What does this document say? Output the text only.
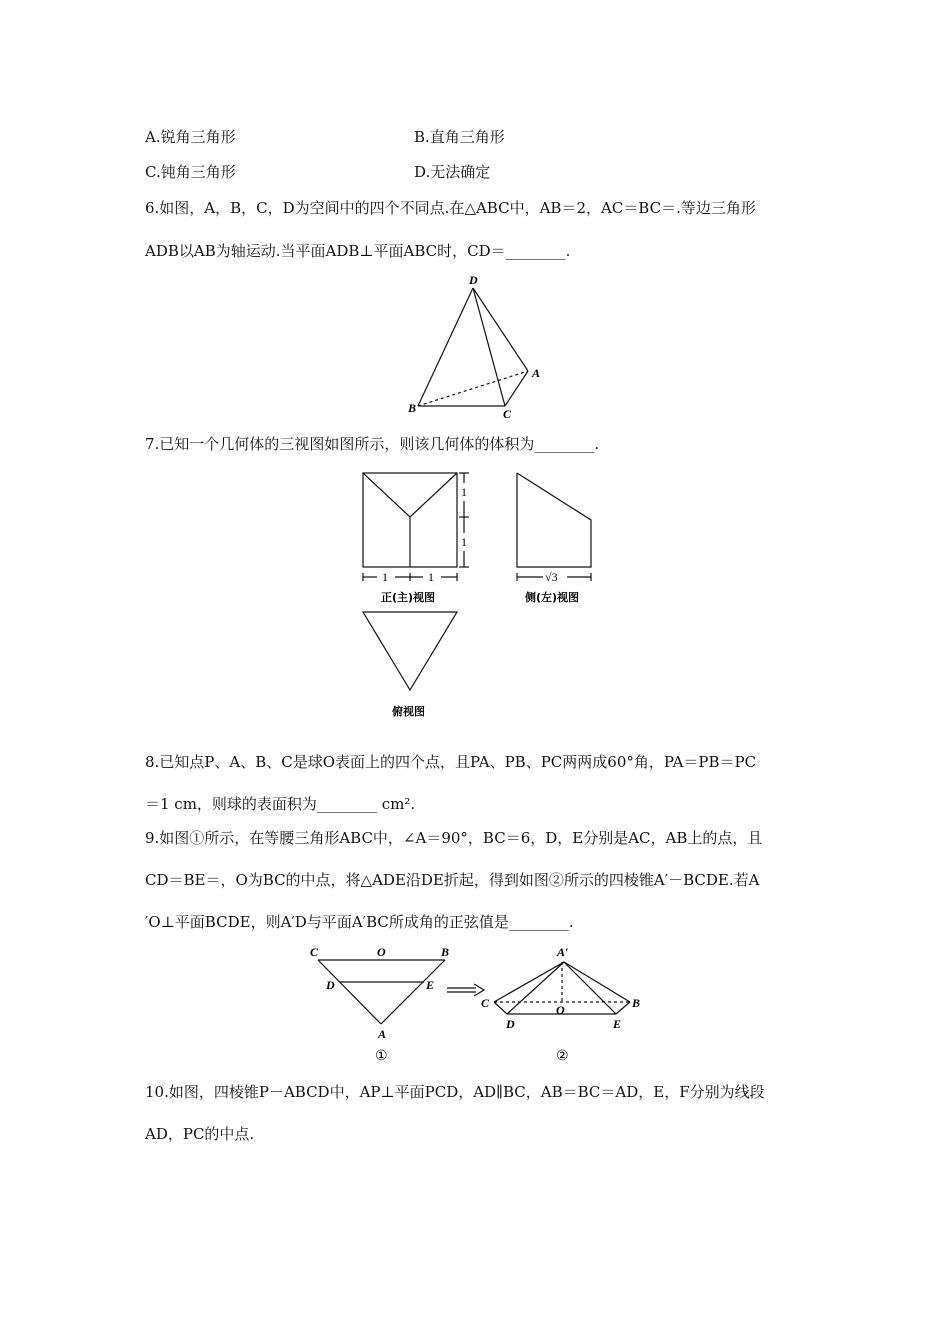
A.锐角三角形	B.直角三角形
C.钝角三角形	D.无法确定
6.如图，A，B，C，D为空间中的四个不同点.在△ABC中，AB＝2，AC＝BC＝.等边三角形
ADB以AB为轴运动.当平面ADB⊥平面ABC时，CD＝________.
D
A
B	C
7.已知一个几何体的三视图如图所示，则该几何体的体积为________.
1	1
1
1
√3
正(主)视图	侧(左)视图
俯视图
8.已知点P、A、B、C是球O表面上的四个点，且PA、PB、PC两两成60°角，PA＝PB＝PC
＝1 cm，则球的表面积为________ cm².
9.如图①所示，在等腰三角形ABC中，∠A＝90°，BC＝6，D，E分别是AC，AB上的点，且
CD＝BE＝，O为BC的中点，将△ADE沿DE折起，得到如图②所示的四棱锥A′－BCDE.若A
′O⊥平面BCDE，则A′D与平面A′BC所成角的正弦值是________.
C	O	B
D	E
A
①
A′
C	B
D	E
O
②
10.如图，四棱锥P－ABCD中，AP⊥平面PCD，AD∥BC，AB＝BC＝AD，E，F分别为线段
AD，PC的中点.
